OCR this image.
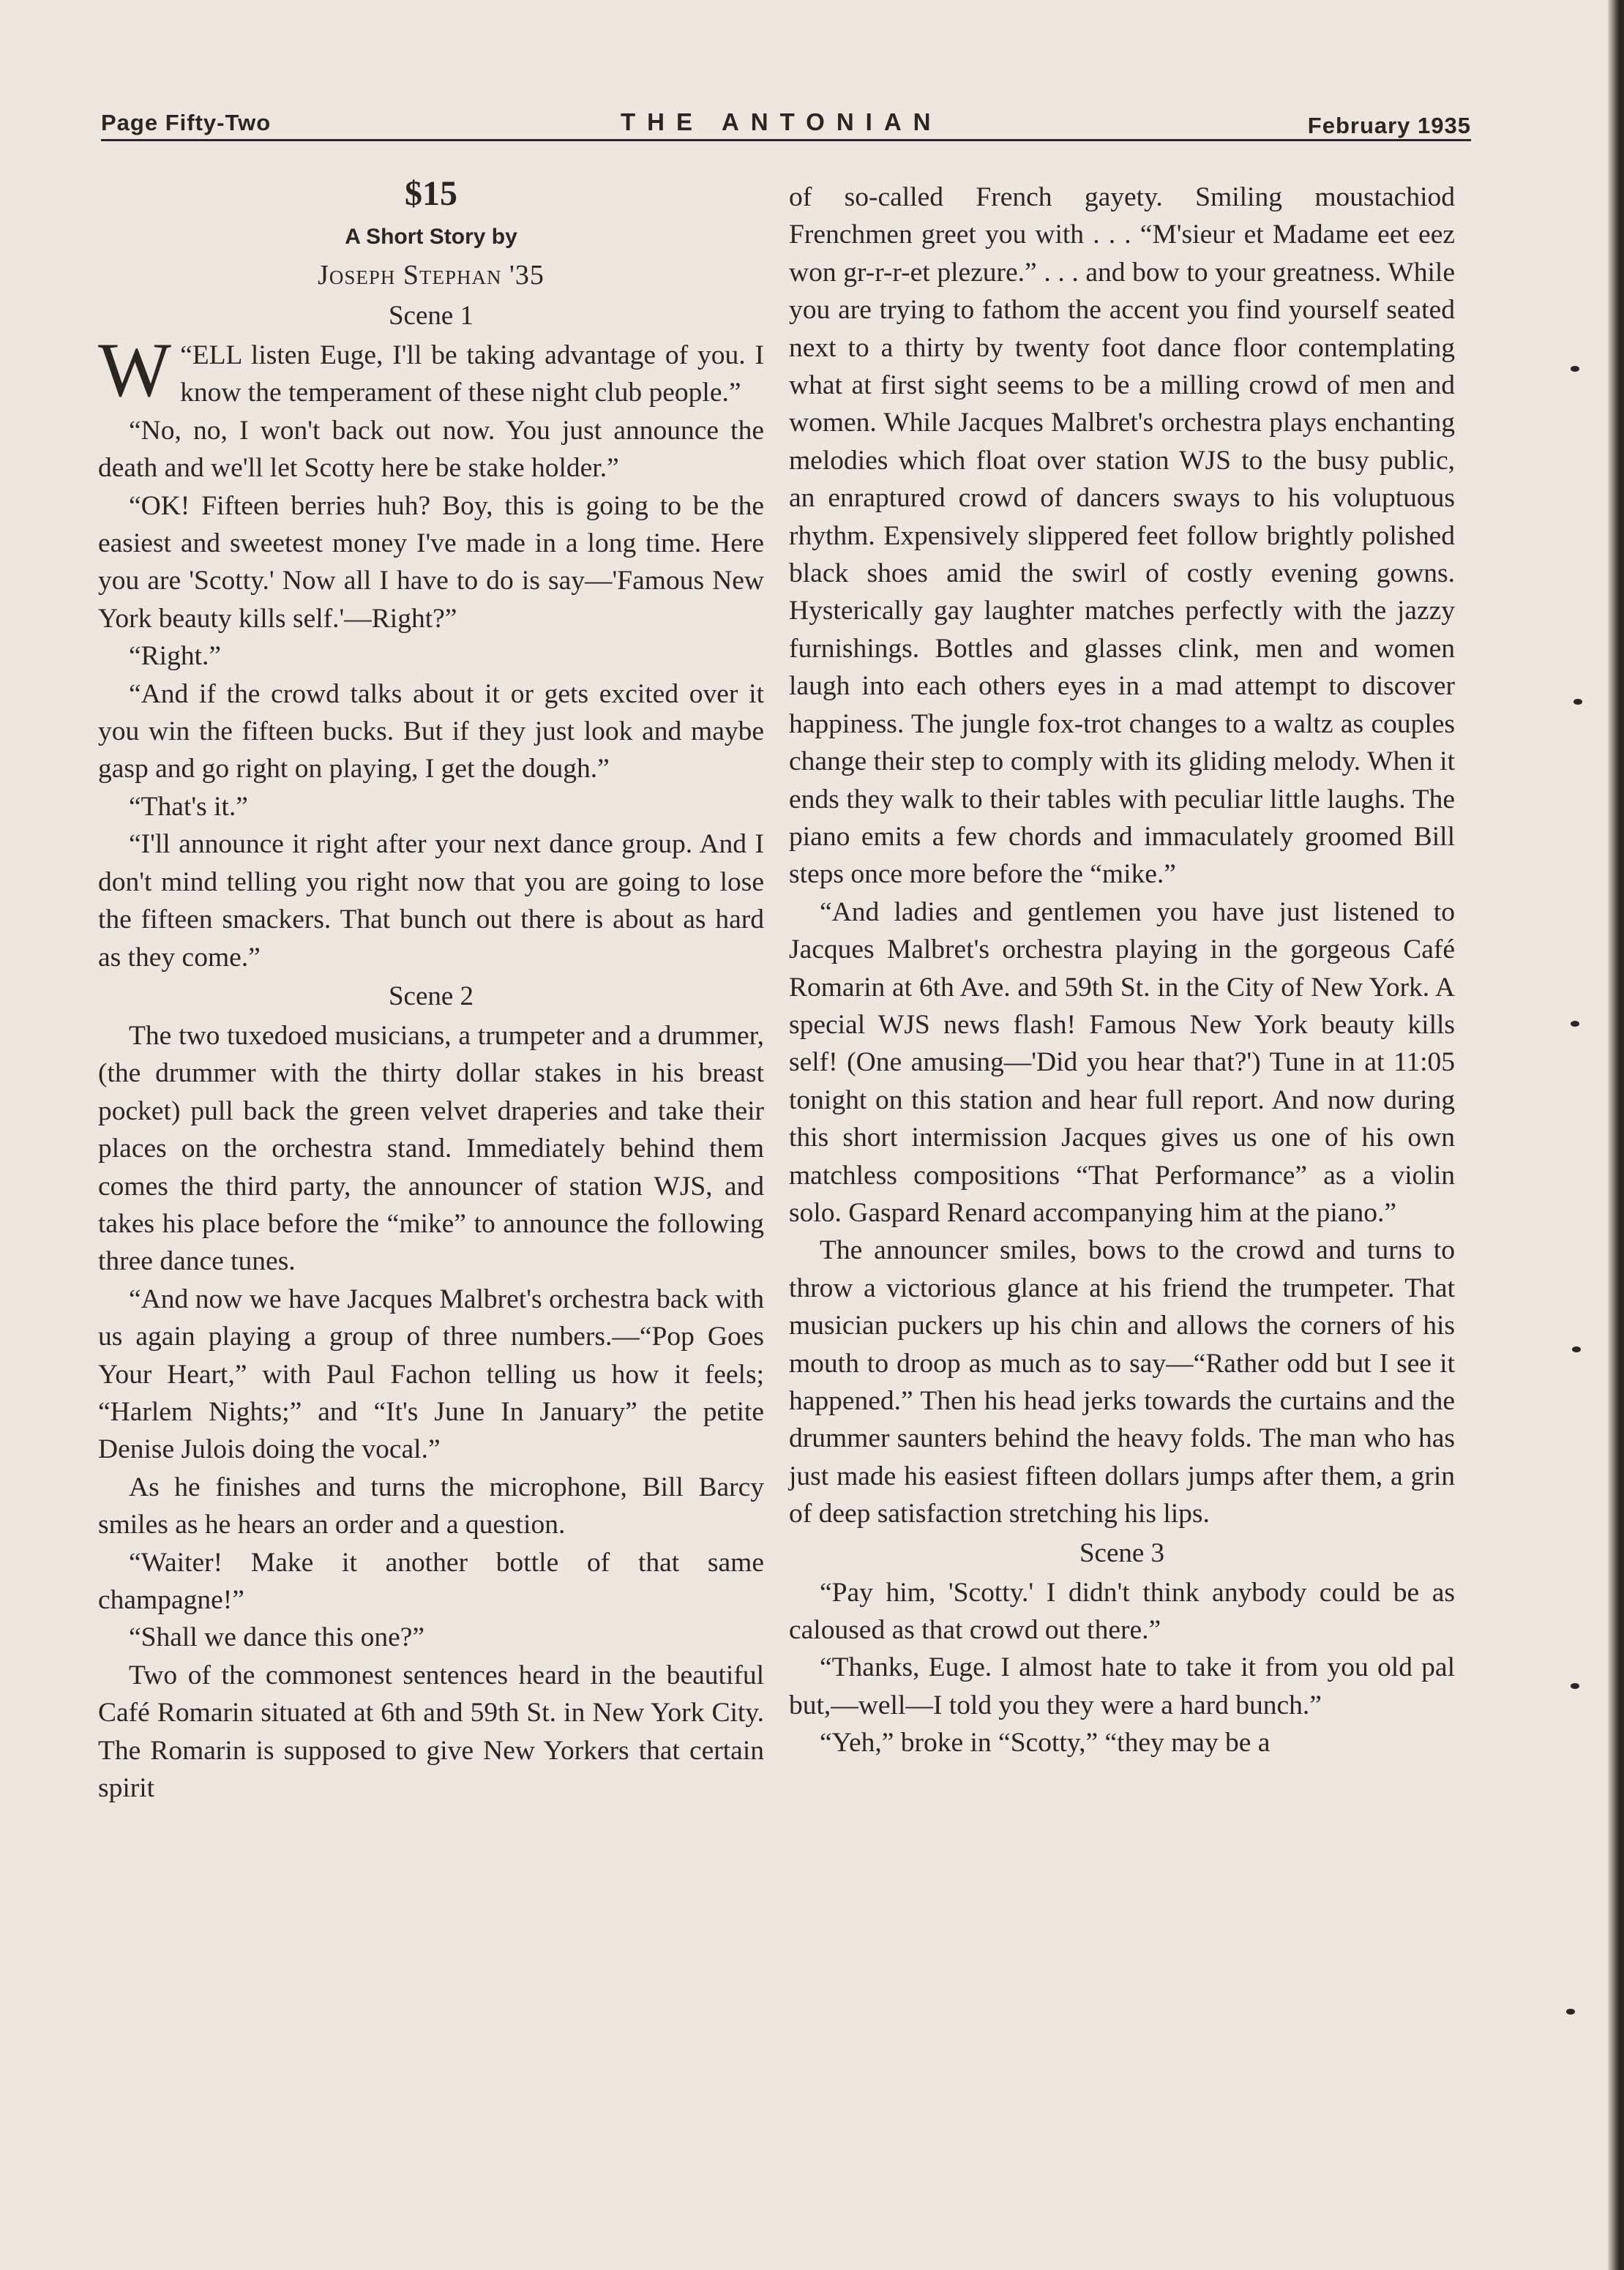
Page Fifty-Two	THE ANTONIAN	February 1935
$15
A Short Story by
Joseph Stephan '35
Scene 1

“
W ELL listen Euge, I'll be taking advantage of you. I know the temperament of these night club people.”

“No, no, I won't back out now. You just announce the death and we'll let Scotty here be stake holder.”

“OK! Fifteen berries huh? Boy, this is going to be the easiest and sweetest money I've made in a long time. Here you are 'Scotty.' Now all I have to do is say—'Famous New York beauty kills self.'—Right?”

“Right.”

“And if the crowd talks about it or gets excited over it you win the fifteen bucks. But if they just look and maybe gasp and go right on playing, I get the dough.”

“That's it.”

“I'll announce it right after your next dance group. And I don't mind telling you right now that you are going to lose the fifteen smackers. That bunch out there is about as hard as they come.”

Scene 2

The two tuxedoed musicians, a trumpeter and a drummer, (the drummer with the thirty dollar stakes in his breast pocket) pull back the green velvet draperies and take their places on the orchestra stand. Immediately behind them comes the third party, the announcer of station WJS, and takes his place before the “mike” to announce the following three dance tunes.

“And now we have Jacques Malbret's orchestra back with us again playing a group of three numbers.—“Pop Goes Your Heart,” with Paul Fachon telling us how it feels; “Harlem Nights;” and “It's June In January” the petite Denise Julois doing the vocal.”

As he finishes and turns the microphone, Bill Barcy smiles as he hears an order and a question.

“Waiter! Make it another bottle of that same champagne!”

“Shall we dance this one?”

Two of the commonest sentences heard in the beautiful Café Romarin situated at 6th and 59th St. in New York City. The Romarin is supposed to give New Yorkers that certain spirit

of so-called French gayety. Smiling moustachiod Frenchmen greet you with . . . “M'sieur et Madame eet eez won gr-r-r-et plezure.” . . . and bow to your greatness. While you are trying to fathom the accent you find yourself seated next to a thirty by twenty foot dance floor contemplating what at first sight seems to be a milling crowd of men and women. While Jacques Malbret's orchestra plays enchanting melodies which float over station WJS to the busy public, an enraptured crowd of dancers sways to his voluptuous rhythm. Expensively slippered feet follow brightly polished black shoes amid the swirl of costly evening gowns. Hysterically gay laughter matches perfectly with the jazzy furnishings. Bottles and glasses clink, men and women laugh into each others eyes in a mad attempt to discover happiness. The jungle fox-trot changes to a waltz as couples change their step to comply with its gliding melody. When it ends they walk to their tables with peculiar little laughs. The piano emits a few chords and immaculately groomed Bill steps once more before the “mike.”

“And ladies and gentlemen you have just listened to Jacques Malbret's orchestra playing in the gorgeous Café Romarin at 6th Ave. and 59th St. in the City of New York. A special WJS news flash! Famous New York beauty kills self! (One amusing—'Did you hear that?') Tune in at 11:05 tonight on this station and hear full report. And now during this short intermission Jacques gives us one of his own matchless compositions “That Performance” as a violin solo. Gaspard Renard accompanying him at the piano.”

The announcer smiles, bows to the crowd and turns to throw a victorious glance at his friend the trumpeter. That musician puckers up his chin and allows the corners of his mouth to droop as much as to say—“Rather odd but I see it happened.” Then his head jerks towards the curtains and the drummer saunters behind the heavy folds. The man who has just made his easiest fifteen dollars jumps after them, a grin of deep satisfaction stretching his lips.

Scene 3

“Pay him, 'Scotty.' I didn't think anybody could be as caloused as that crowd out there.”

“Thanks, Euge. I almost hate to take it from you old pal but,—well—I told you they were a hard bunch.”

“Yeh,” broke in “Scotty,” “they may be a
